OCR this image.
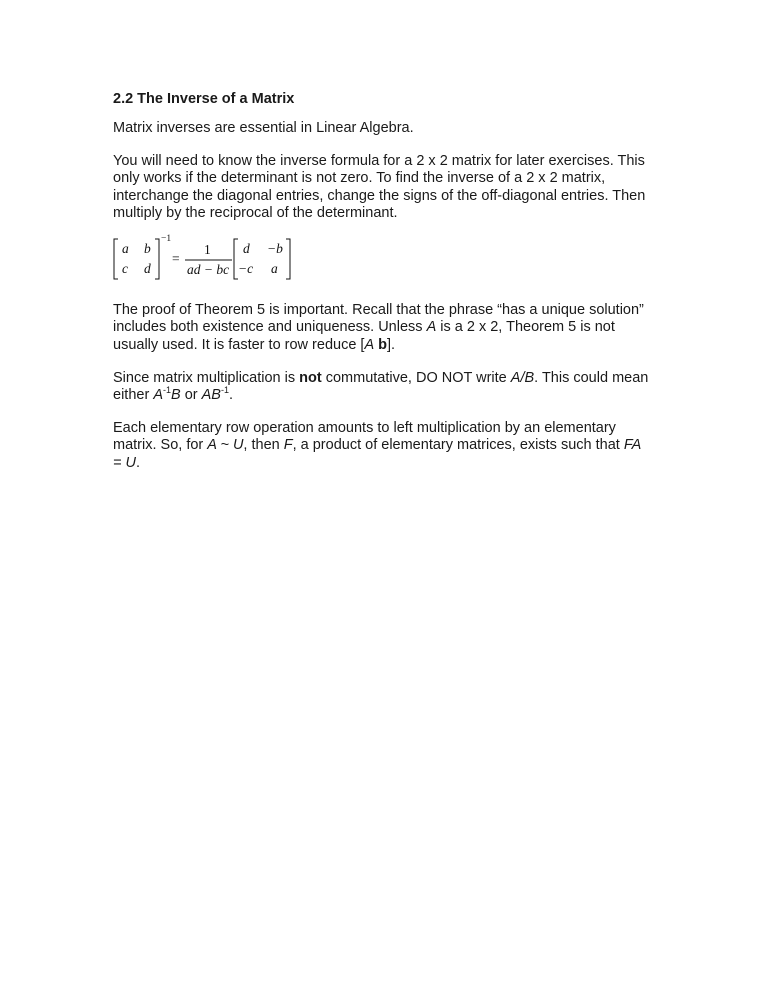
2.2 The Inverse of a Matrix

Matrix inverses are essential in Linear Algebra.

You will need to know the inverse formula for a 2 x 2 matrix for later exercises. This only works if the determinant is not zero. To find the inverse of a 2 x 2 matrix, interchange the diagonal entries, change the signs of the off-diagonal entries. Then multiply by the reciprocal of the determinant.

a b
c d
−1
=
1
ad − bc
d −b
−c a

The proof of Theorem 5 is important. Recall that the phrase “has a unique solution” includes both existence and uniqueness. Unless A is a 2 x 2, Theorem 5 is not usually used. It is faster to row reduce [A b].

Since matrix multiplication is not commutative, DO NOT write A/B. This could mean either $A^{-1}B$ or $AB^{-1}$.

Each elementary row operation amounts to left multiplication by an elementary matrix. So, for A ~ U, then F, a product of elementary matrices, exists such that FA = U.
